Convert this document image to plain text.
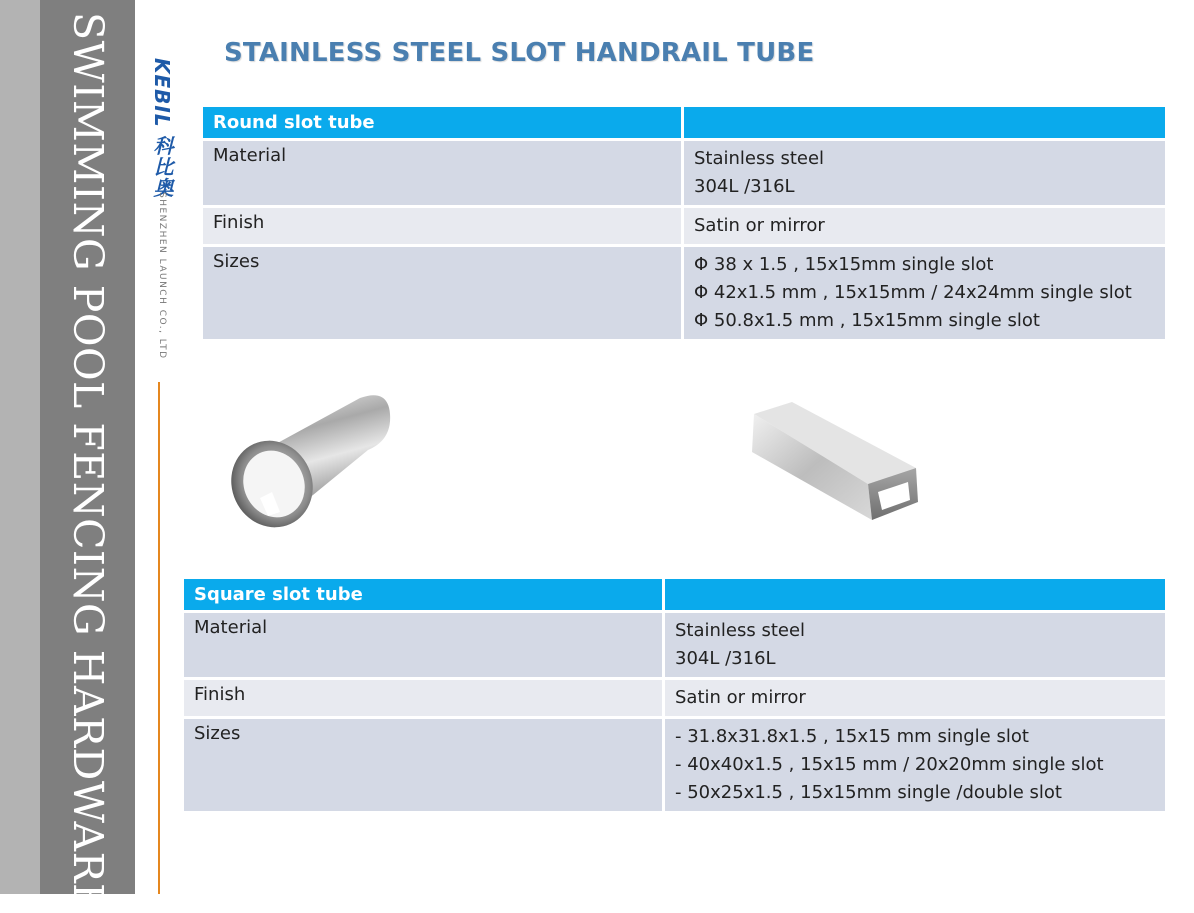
SWIMMING POOL FENCING HARDWARE	KEBIL 科比奥
SHENZHEN LAUNCH CO., LTD
STAINLESS STEEL SLOT HANDRAIL TUBE
Round slot tube	
Material	Stainless steel
304L /316L

Finish	Satin or mirror

Sizes	Φ 38 x 1.5 , 15x15mm single slot
Φ 42x1.5 mm , 15x15mm / 24x24mm single slot
Φ 50.8x1.5 mm , 15x15mm single slot
Square slot tube	
Material	Stainless steel
304L /316L

Finish	Satin or mirror

Sizes	- 31.8x31.8x1.5 , 15x15 mm single slot
- 40x40x1.5 , 15x15 mm / 20x20mm single slot
- 50x25x1.5 , 15x15mm single /double slot
